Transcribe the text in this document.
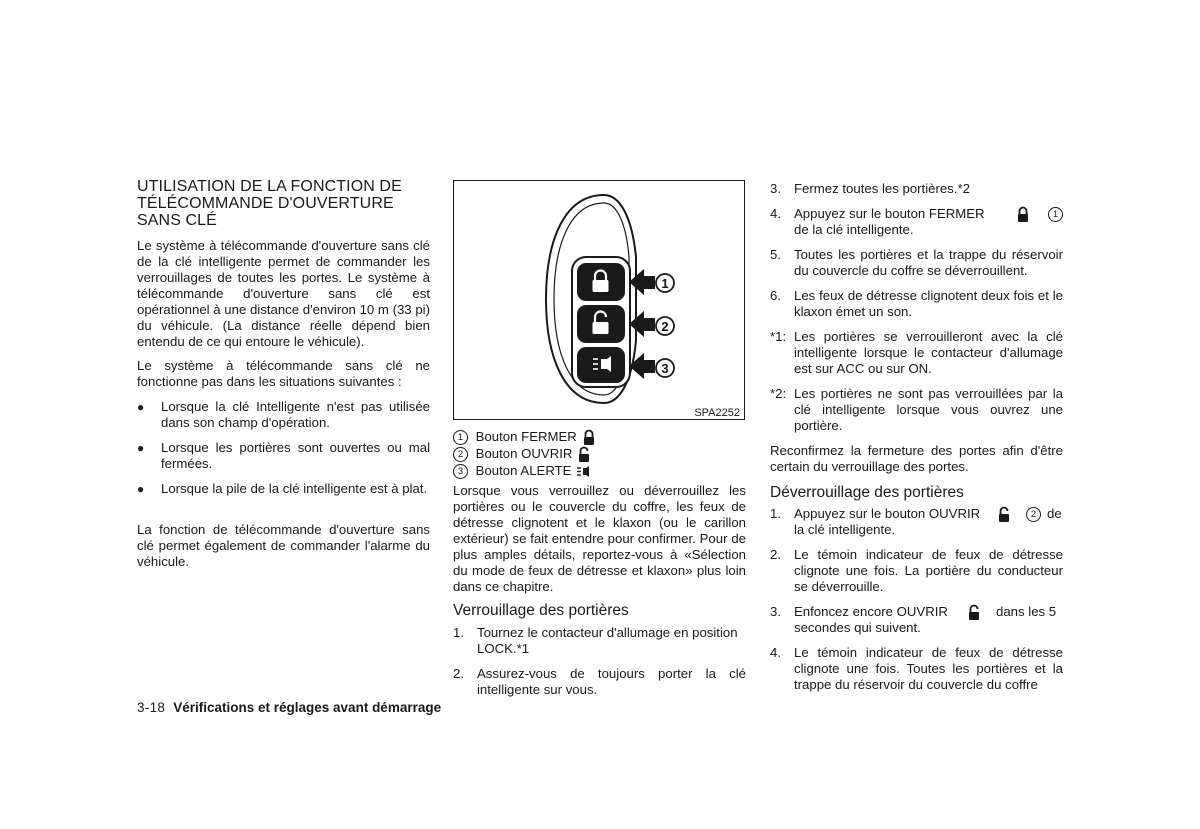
UTILISATION DE LA FONCTION DE
TÉLÉCOMMANDE D'OUVERTURE
SANS CLÉ

Le système à télécommande d'ouverture sans clé de la clé intelligente permet de commander les verrouillages de toutes les portes. Le système à télécommande d'ouverture sans clé est opérationnel à une distance d'environ 10 m (33 pi) du véhicule. (La distance réelle dépend bien entendu de ce qui entoure le véhicule).

Le système à télécommande sans clé ne fonctionne pas dans les situations suivantes :

● Lorsque la clé Intelligente n'est pas utilisée dans son champ d'opération.
● Lorsque les portières sont ouvertes ou mal fermées.
● Lorsque la pile de la clé intelligente est à plat.

La fonction de télécommande d'ouverture sans clé permet également de commander l'alarme du véhicule.

1
2
3
SPA2252
1 Bouton FERMER
2 Bouton OUVRIR
3 Bouton ALERTE

Lorsque vous verrouillez ou déverrouillez les portières ou le couvercle du coffre, les feux de détresse clignotent et le klaxon (ou le carillon extérieur) se fait entendre pour confirmer. Pour de plus amples détails, reportez-vous à «Sélection du mode de feux de détresse et klaxon» plus loin dans ce chapitre.

Verrouillage des portières
1. Tournez le contacteur d'allumage en position LOCK.*1
2. Assurez-vous de toujours porter la clé intelligente sur vous.
3. Fermez toutes les portières.*2
4. Appuyez sur le bouton FERMER	1
de la clé intelligente.
5. Toutes les portières et la trappe du réservoir du couvercle du coffre se déverrouillent.
6. Les feux de détresse clignotent deux fois et le klaxon émet un son.
*1: Les portières se verrouilleront avec la clé intelligente lorsque le contacteur d'allumage est sur ACC ou sur ON.
*2: Les portières ne sont pas verrouillées par la clé intelligente lorsque vous ouvrez une portière.

Reconfirmez la fermeture des portes afin d'être certain du verrouillage des portes.

Déverrouillage des portières
1. Appuyez sur le bouton OUVRIR	2 de
la clé intelligente.
2. Le témoin indicateur de feux de détresse clignote une fois. La portière du conducteur se déverrouille.
3. Enfoncez encore OUVRIR	dans les 5
secondes qui suivent.
4. Le témoin indicateur de feux de détresse clignote une fois. Toutes les portières et la trappe du réservoir du couvercle du coffre
3-18 Vérifications et réglages avant démarrage
